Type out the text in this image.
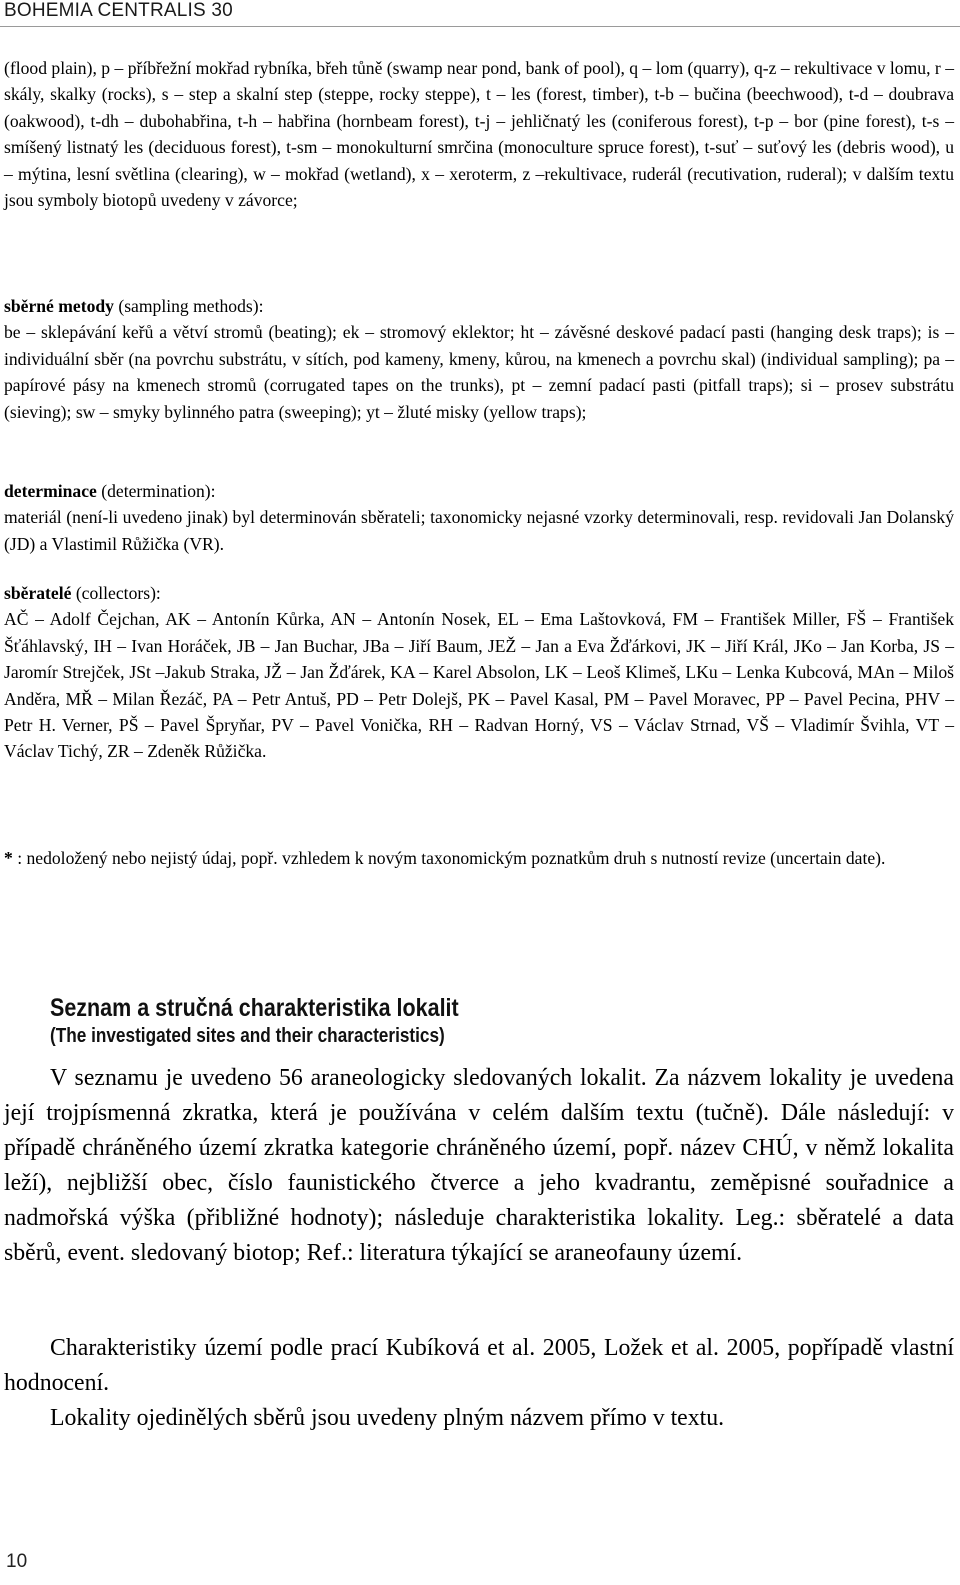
BOHEMIA CENTRALIS 30

(flood plain), p – příbřežní mokřad rybníka, břeh tůně (swamp near pond, bank of pool), q – lom (quarry), q-z – rekultivace v lomu, r – skály, skalky (rocks), s – step a skalní step (steppe, rocky steppe), t – les (forest, timber), t-b – bučina (beechwood), t-d – doubrava (oakwood), t-dh – dubohabřina, t-h – habřina (hornbeam forest), t-j – jehličnatý les (coniferous forest), t-p – bor (pine forest), t-s – smíšený listnatý les (deciduous forest), t-sm – monokulturní smrčina (monoculture spruce forest), t-suť – suťový les (debris wood), u – mýtina, lesní světlina (clearing), w – mokřad (wetland), x – xeroterm, z –rekultivace, ruderál (recutivation, ruderal); v dalším textu jsou symboly biotopů uvedeny v závorce;

sběrné metody (sampling methods):
be – sklepávání keřů a větví stromů (beating); ek – stromový eklektor; ht – závěsné deskové padací pasti (hanging desk traps); is – individuální sběr (na povrchu substrátu, v sítích, pod kameny, kmeny, kůrou, na kmenech a povrchu skal) (individual sampling); pa – papírové pásy na kmenech stromů (corrugated tapes on the trunks), pt – zemní padací pasti (pitfall traps); si – prosev substrátu (sieving); sw – smyky bylinného patra (sweeping); yt – žluté misky (yellow traps);

determinace (determination):
materiál (není-li uvedeno jinak) byl determinován sběrateli; taxonomicky nejasné vzorky determinovali, resp. revidovali Jan Dolanský (JD) a Vlastimil Růžička (VR).

sběratelé (collectors):
AČ – Adolf Čejchan, AK – Antonín Kůrka, AN – Antonín Nosek, EL – Ema Laštovková, FM – František Miller, FŠ – František Šťáhlavský, IH – Ivan Horáček, JB – Jan Buchar, JBa – Jiří Baum, JEŽ – Jan a Eva Žďárkovi, JK – Jiří Král, JKo – Jan Korba, JS – Jaromír Strejček, JSt –Jakub Straka, JŽ – Jan Žďárek, KA – Karel Absolon, LK – Leoš Klimeš, LKu – Lenka Kubcová, MAn – Miloš Anděra, MŘ – Milan Řezáč, PA – Petr Antuš, PD – Petr Dolejš, PK – Pavel Kasal, PM – Pavel Moravec, PP – Pavel Pecina, PHV – Petr H. Verner, PŠ – Pavel Špryňar, PV – Pavel Vonička, RH – Radvan Horný, VS – Václav Strnad, VŠ – Vladimír Švihla, VT – Václav Tichý, ZR – Zdeněk Růžička.

* : nedoložený nebo nejistý údaj, popř. vzhledem k novým taxonomickým poznatkům druh s nutností revize (uncertain date).

Seznam a stručná charakteristika lokalit
(The investigated sites and their characteristics)

V seznamu je uvedeno 56 araneologicky sledovaných lokalit. Za názvem lokality je uvedena její trojpísmenná zkratka, která je používána v celém dalším textu (tučně). Dále následují: v případě chráněného území zkratka kategorie chráněného území, popř. název CHÚ, v němž lokalita leží), nejbližší obec, číslo faunistického čtverce a jeho kvadrantu, zeměpisné souřadnice a nadmořská výška (přibližné hodnoty); následuje charakteristika lokality. Leg.: sběratelé a data sběrů, event. sledovaný biotop; Ref.: literatura týkající se araneofauny území.

Charakteristiky území podle prací Kubíková et al. 2005, Ložek et al. 2005, popřípadě vlastní hodnocení.

Lokality ojedinělých sběrů jsou uvedeny plným názvem přímo v textu.

10
